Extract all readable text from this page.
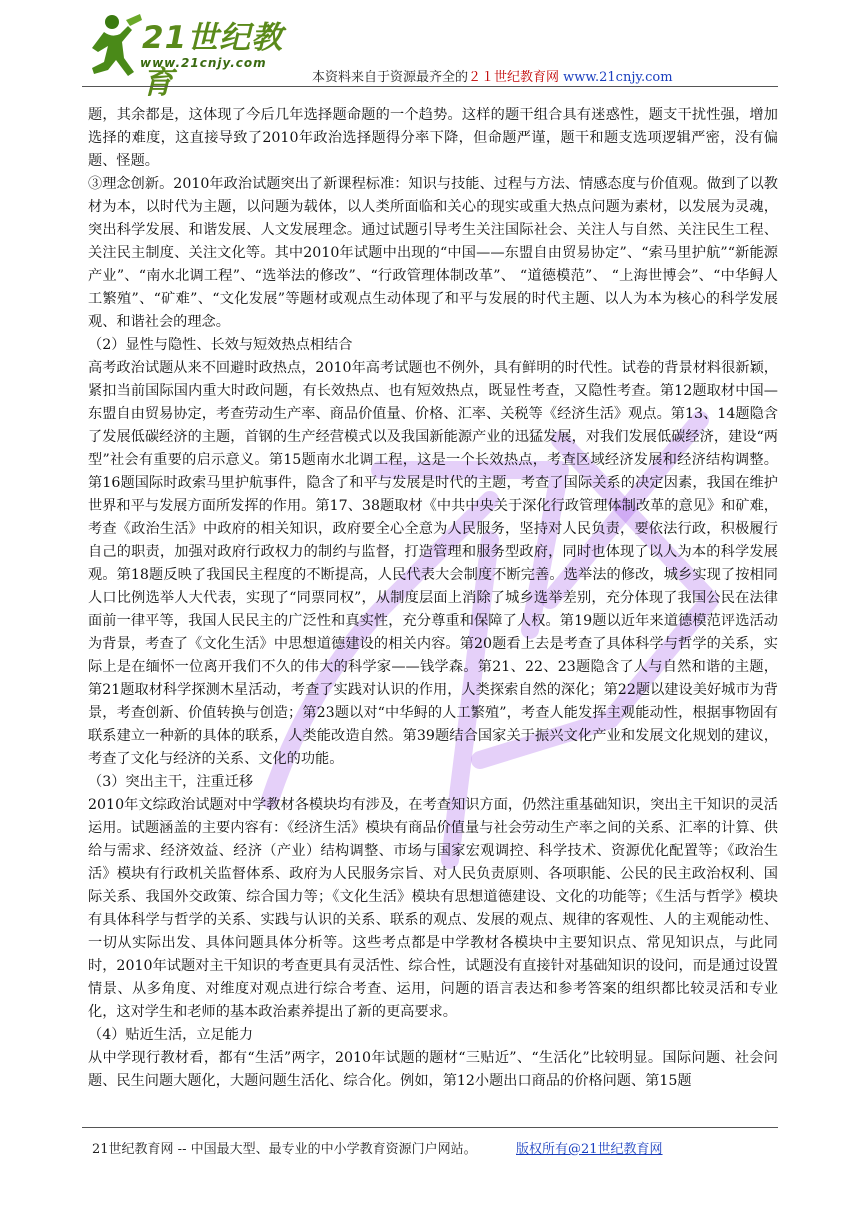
21世纪教育
www.21cnjy.com
本资料来自于资源最齐全的２１世纪教育网 www.21cnjy.com

题，其余都是，这体现了今后几年选择题命题的一个趋势。这样的题干组合具有迷惑性，题支干扰性强，增加选择的难度，这直接导致了2010年政治选择题得分率下降，但命题严谨，题干和题支选项逻辑严密，没有偏题、怪题。

③理念创新。2010年政治试题突出了新课程标准：知识与技能、过程与方法、情感态度与价值观。做到了以教材为本，以时代为主题，以问题为载体，以人类所面临和关心的现实或重大热点问题为素材，以发展为灵魂，突出科学发展、和谐发展、人文发展理念。通过试题引导考生关注国际社会、关注人与自然、关注民生工程、关注民主制度、关注文化等。其中2010年试题中出现的“中国——东盟自由贸易协定”、“索马里护航”“新能源产业”、“南水北调工程”、“选举法的修改”、“行政管理体制改革”、 “道德模范”、 “上海世博会”、“中华鲟人工繁殖”、“矿难”、“文化发展”等题材或观点生动体现了和平与发展的时代主题、以人为本为核心的科学发展观、和谐社会的理念。

（2）显性与隐性、长效与短效热点相结合

高考政治试题从来不回避时政热点，2010年高考试题也不例外，具有鲜明的时代性。试卷的背景材料很新颖，紧扣当前国际国内重大时政问题，有长效热点、也有短效热点，既显性考查，又隐性考查。第12题取材中国—东盟自由贸易协定，考查劳动生产率、商品价值量、价格、汇率、关税等《经济生活》观点。第13、14题隐含了发展低碳经济的主题，首钢的生产经营模式以及我国新能源产业的迅猛发展，对我们发展低碳经济，建设“两型”社会有重要的启示意义。第15题南水北调工程，这是一个长效热点，考查区域经济发展和经济结构调整。第16题国际时政索马里护航事件，隐含了和平与发展是时代的主题，考查了国际关系的决定因素，我国在维护世界和平与发展方面所发挥的作用。第17、38题取材《中共中央关于深化行政管理体制改革的意见》和矿难，考查《政治生活》中政府的相关知识，政府要全心全意为人民服务，坚持对人民负责，要依法行政，积极履行自己的职责，加强对政府行政权力的制约与监督，打造管理和服务型政府，同时也体现了以人为本的科学发展观。第18题反映了我国民主程度的不断提高，人民代表大会制度不断完善。选举法的修改，城乡实现了按相同人口比例选举人大代表，实现了“同票同权”，从制度层面上消除了城乡选举差别，充分体现了我国公民在法律面前一律平等，我国人民民主的广泛性和真实性，充分尊重和保障了人权。第19题以近年来道德模范评选活动为背景，考查了《文化生活》中思想道德建设的相关内容。第20题看上去是考查了具体科学与哲学的关系，实际上是在缅怀一位离开我们不久的伟大的科学家——钱学森。第21、22、23题隐含了人与自然和谐的主题，第21题取材科学探测木星活动，考查了实践对认识的作用，人类探索自然的深化；第22题以建设美好城市为背景，考查创新、价值转换与创造；第23题以对“中华鲟的人工繁殖”，考查人能发挥主观能动性，根据事物固有联系建立一种新的具体的联系，人类能改造自然。第39题结合国家关于振兴文化产业和发展文化规划的建议，考查了文化与经济的关系、文化的功能。

（3）突出主干，注重迁移

2010年文综政治试题对中学教材各模块均有涉及，在考查知识方面，仍然注重基础知识，突出主干知识的灵活运用。试题涵盖的主要内容有：《经济生活》模块有商品价值量与社会劳动生产率之间的关系、汇率的计算、供给与需求、经济效益、经济（产业）结构调整、市场与国家宏观调控、科学技术、资源优化配置等；《政治生活》模块有行政机关监督体系、政府为人民服务宗旨、对人民负责原则、各项职能、公民的民主政治权利、国际关系、我国外交政策、综合国力等；《文化生活》模块有思想道德建设、文化的功能等；《生活与哲学》模块有具体科学与哲学的关系、实践与认识的关系、联系的观点、发展的观点、规律的客观性、人的主观能动性、一切从实际出发、具体问题具体分析等。这些考点都是中学教材各模块中主要知识点、常见知识点，与此同时，2010年试题对主干知识的考查更具有灵活性、综合性，试题没有直接针对基础知识的设问，而是通过设置情景、从多角度、对维度对观点进行综合考查、运用，问题的语言表达和参考答案的组织都比较灵活和专业化，这对学生和老师的基本政治素养提出了新的更高要求。

（4）贴近生活，立足能力

从中学现行教材看，都有“生活”两字，2010年试题的题材“三贴近”、“生活化”比较明显。国际问题、社会问题、民生问题大题化，大题问题生活化、综合化。例如，第12小题出口商品的价格问题、第15题

21世纪教育网 -- 中国最大型、最专业的中小学教育资源门户网站。	版权所有@21世纪教育网
